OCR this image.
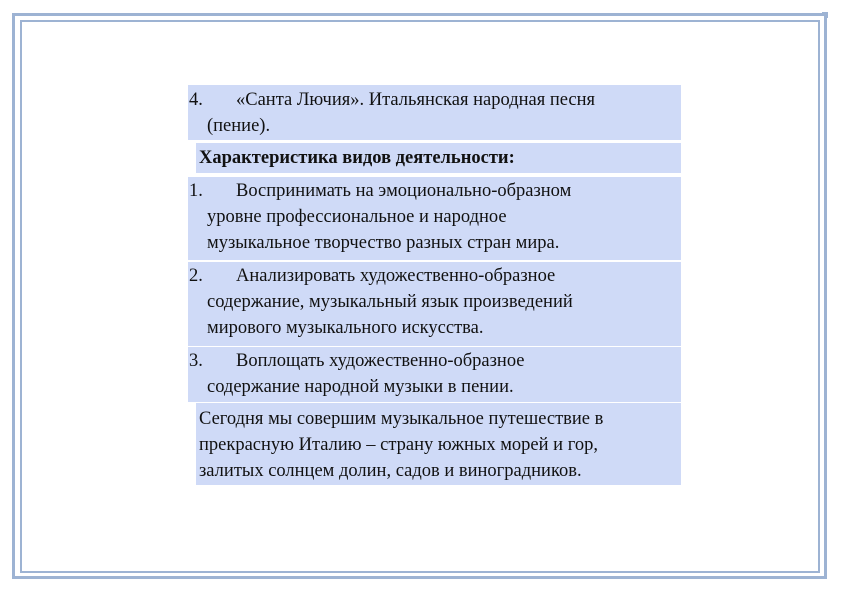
4. «Санта Лючия». Итальянская народная песня
(пение).
Характеристика видов деятельности:
1. Воспринимать на эмоционально-образном
уровне профессиональное и народное
музыкальное творчество разных стран мира.
2. Анализировать художественно-образное
содержание, музыкальный язык произведений
мирового музыкального искусства.
3. Воплощать художественно-образное
содержание народной музыки в пении.
Сегодня мы совершим музыкальное путешествие в
прекрасную Италию – страну южных морей и гор,
залитых солнцем долин, садов и виноградников.
